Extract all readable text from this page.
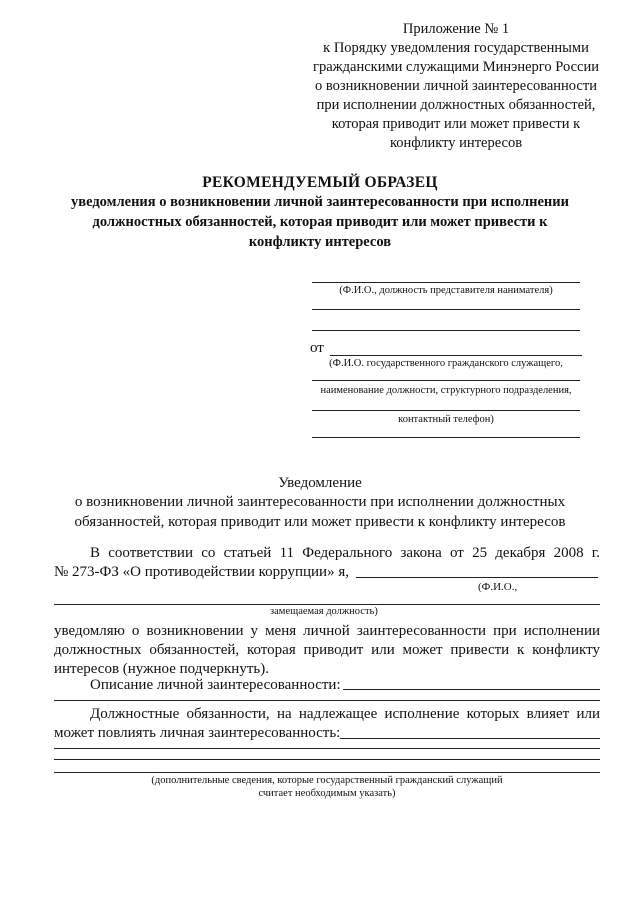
Приложение № 1
к Порядку уведомления государственными
гражданскими служащими Минэнерго России
о возникновении личной заинтересованности
при исполнении должностных обязанностей,
которая приводит или может привести к
конфликту интересов
РЕКОМЕНДУЕМЫЙ ОБРАЗЕЦ
уведомления о возникновении личной заинтересованности при исполнении
должностных обязанностей, которая приводит или может привести к
конфликту интересов
(Ф.И.О., должность представителя нанимателя)
от
(Ф.И.О. государственного гражданского служащего,
наименование должности, структурного подразделения,
контактный телефон)
Уведомление
о возникновении личной заинтересованности при исполнении должностных
обязанностей, которая приводит или может привести к конфликту интересов
В соответствии со статьей 11 Федерального закона от 25 декабря 2008 г.
№ 273-ФЗ «О противодействии коррупции» я,
(Ф.И.О.,
замещаемая должность)
уведомляю о возникновении у меня личной заинтересованности при исполнении
должностных обязанностей, которая приводит или может привести к конфликту
интересов (нужное подчеркнуть).
Описание личной заинтересованности:
Должностные обязанности, на надлежащее исполнение которых влияет или
может повлиять личная заинтересованность:
(дополнительные сведения, которые государственный гражданский служащий
считает необходимым указать)
